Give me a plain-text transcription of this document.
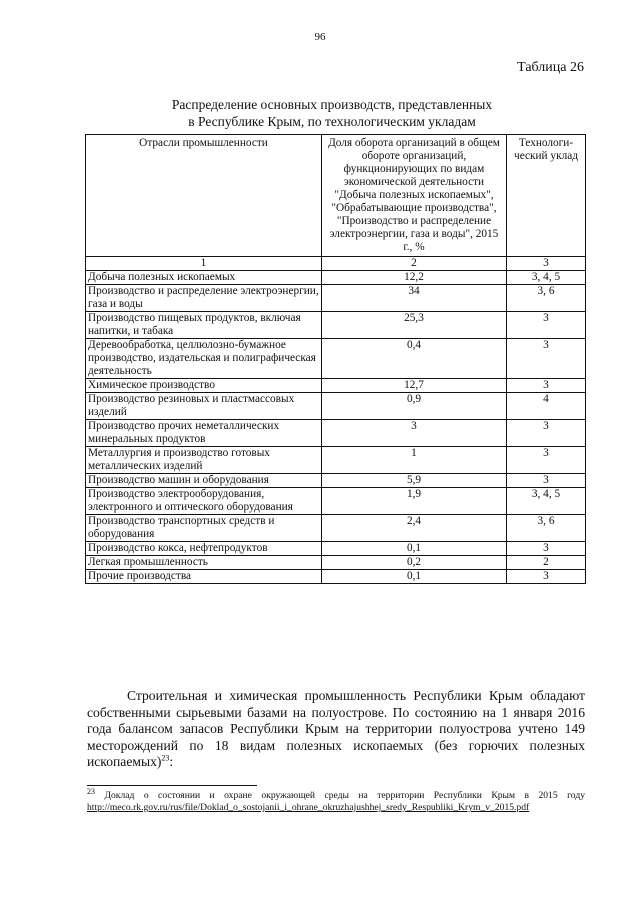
96
Таблица 26
Распределение основных производств, представленных
в Республике Крым, по технологическим укладам
Отрасли промышленности	Доля оборота организаций в общем обороте организаций, функционирующих по видам экономической деятельности "Добыча полезных ископаемых", "Обрабатывающие производства", "Производство и распределение электроэнергии, газа и воды", 2015 г., %	Технологи-ческий уклад
1	2	3
Добыча полезных ископаемых	12,2	3, 4, 5
Производство и распределение электроэнергии, газа и воды	34	3, 6
Производство пищевых продуктов, включая напитки, и табака	25,3	3
Деревообработка, целлюлозно-бумажное производство, издательская и полиграфическая деятельность	0,4	3
Химическое производство	12,7	3
Производство резиновых и пластмассовых изделий	0,9	4
Производство прочих неметаллических минеральных продуктов	3	3
Металлургия и производство готовых металлических изделий	1	3
Производство машин и оборудования	5,9	3
Производство электрооборудования, электронного и оптического оборудования	1,9	3, 4, 5
Производство транспортных средств и оборудования	2,4	3, 6
Производство кокса, нефтепродуктов	0,1	3
Легкая промышленность	0,2	2
Прочие производства	0,1	3

Строительная и химическая промышленность Республики Крым обладают собственными сырьевыми базами на полуострове. По состоянию на 1 января 2016 года балансом запасов Республики Крым на территории полуострова учтено 149 месторождений по 18 видам полезных ископаемых (без горючих полезных ископаемых)$^{23}$:

$^{23}$ Доклад о состоянии и охране окружающей среды на территории Республики Крым в 2015 году http://meco.rk.gov.ru/rus/file/Doklad_o_sostojanii_i_ohrane_okruzhajushhej_sredy_Respubliki_Krym_v_2015.pdf
